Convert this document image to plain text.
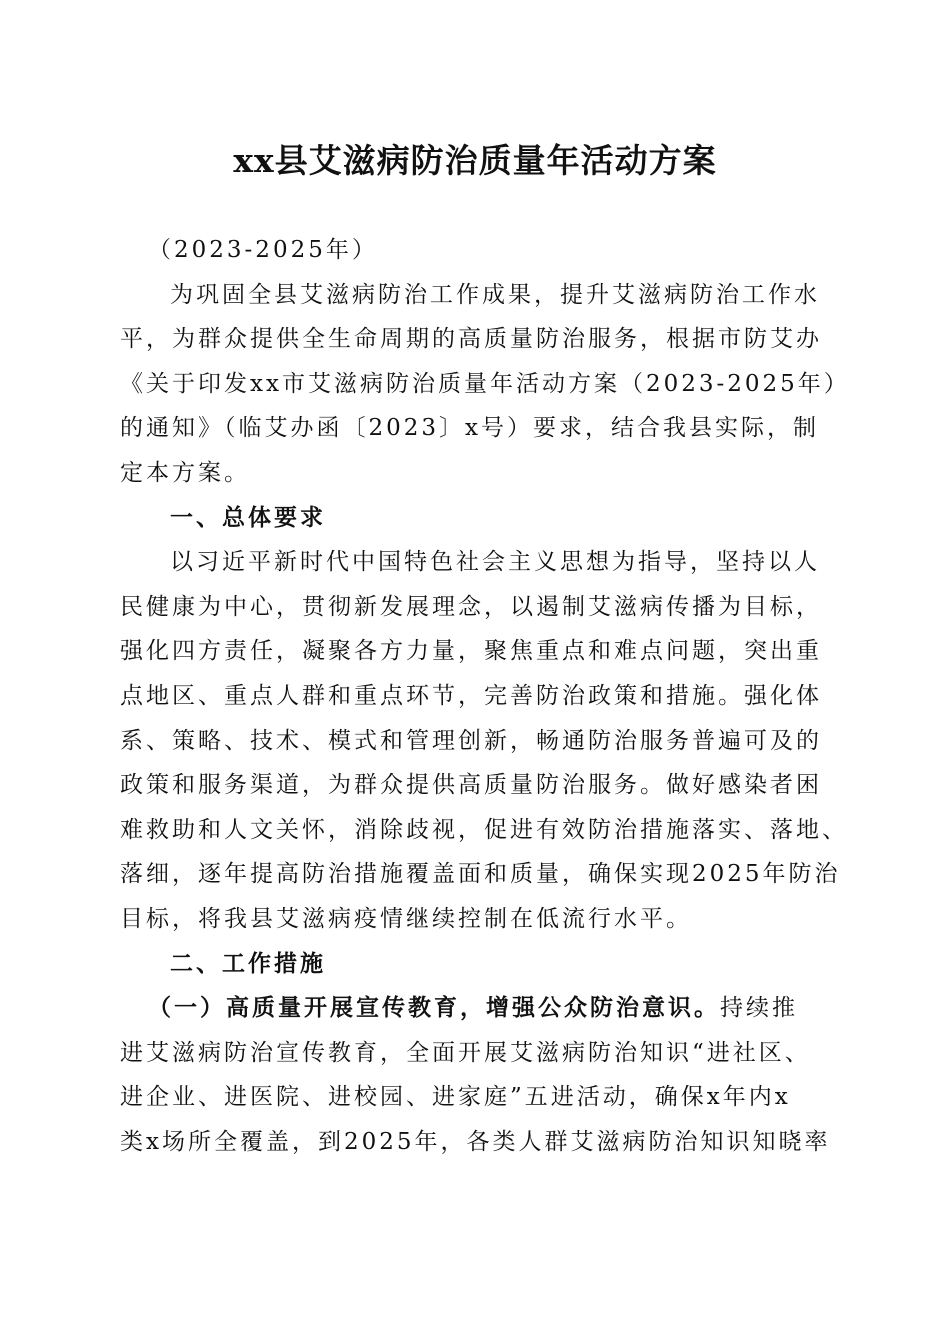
xx县艾滋病防治质量年活动方案
（2023-2025年）
为巩固全县艾滋病防治工作成果，提升艾滋病防治工作水
平，为群众提供全生命周期的高质量防治服务，根据市防艾办
《关于印发xx市艾滋病防治质量年活动方案（2023-2025年）
的通知》（临艾办函〔2023〕x号）要求，结合我县实际，制
定本方案。
一、总体要求
以习近平新时代中国特色社会主义思想为指导，坚持以人
民健康为中心，贯彻新发展理念，以遏制艾滋病传播为目标，
强化四方责任，凝聚各方力量，聚焦重点和难点问题，突出重
点地区、重点人群和重点环节，完善防治政策和措施。强化体
系、策略、技术、模式和管理创新，畅通防治服务普遍可及的
政策和服务渠道，为群众提供高质量防治服务。做好感染者困
难救助和人文关怀，消除歧视，促进有效防治措施落实、落地、
落细，逐年提高防治措施覆盖面和质量，确保实现2025年防治
目标，将我县艾滋病疫情继续控制在低流行水平。
二、工作措施
（一）高质量开展宣传教育，增强公众防治意识。持续推
进艾滋病防治宣传教育，全面开展艾滋病防治知识“进社区、
进企业、进医院、进校园、进家庭”五进活动，确保x年内x
类x场所全覆盖，到2025年，各类人群艾滋病防治知识知晓率
